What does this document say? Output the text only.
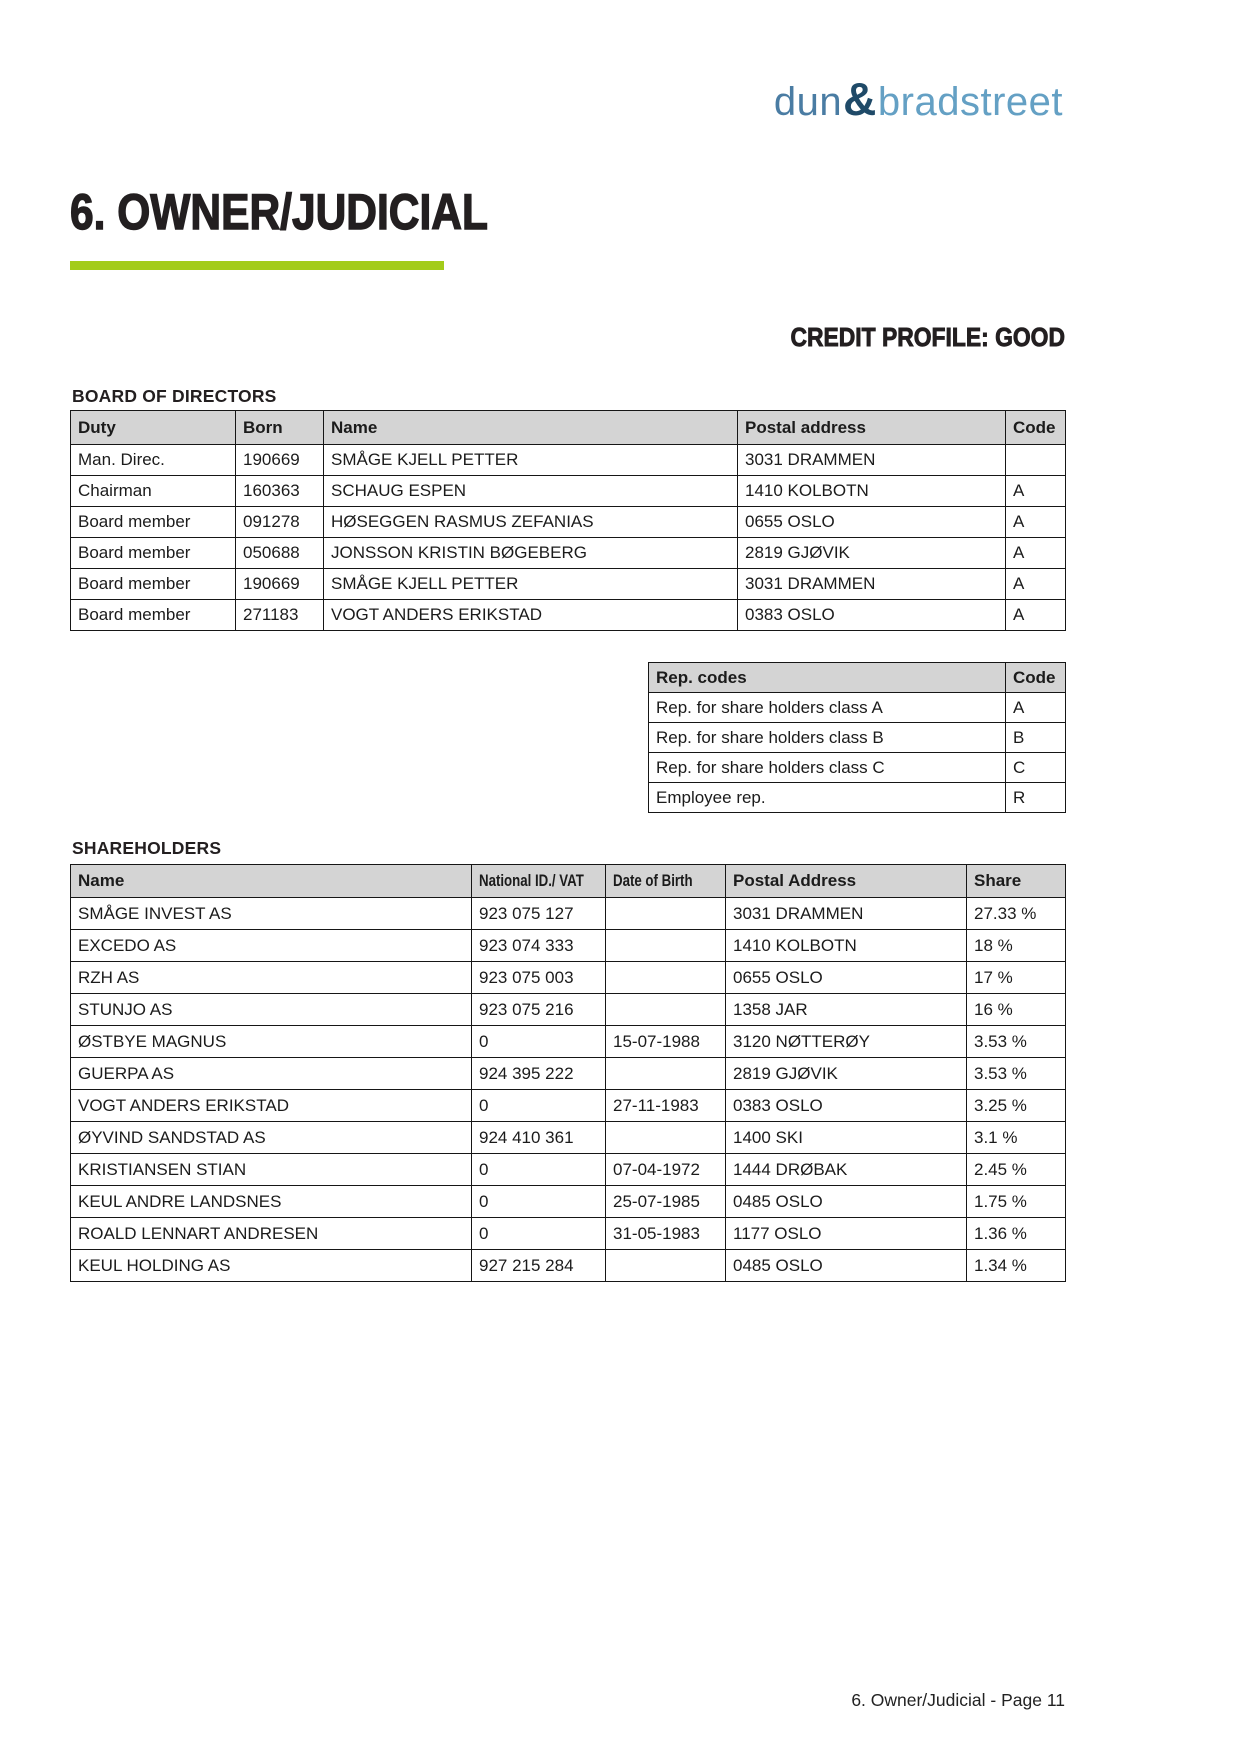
dun&bradstreet
6. OWNER/JUDICIAL
CREDIT PROFILE: GOOD
BOARD OF DIRECTORS
Duty	Born	Name	Postal address	Code
Man. Direc.	190669	SMÅGE KJELL PETTER	3031 DRAMMEN	
Chairman	160363	SCHAUG ESPEN	1410 KOLBOTN	A
Board member	091278	HØSEGGEN RASMUS ZEFANIAS	0655 OSLO	A
Board member	050688	JONSSON KRISTIN BØGEBERG	2819 GJØVIK	A
Board member	190669	SMÅGE KJELL PETTER	3031 DRAMMEN	A
Board member	271183	VOGT ANDERS ERIKSTAD	0383 OSLO	A
Rep. codes	Code
Rep. for share holders class A	A
Rep. for share holders class B	B
Rep. for share holders class C	C
Employee rep.	R
SHAREHOLDERS
Name	National ID./ VAT	Date of Birth	Postal Address	Share
SMÅGE INVEST AS	923 075 127		3031 DRAMMEN	27.33 %
EXCEDO AS	923 074 333		1410 KOLBOTN	18 %
RZH AS	923 075 003		0655 OSLO	17 %
STUNJO AS	923 075 216		1358 JAR	16 %
ØSTBYE MAGNUS	0	15-07-1988	3120 NØTTERØY	3.53 %
GUERPA AS	924 395 222		2819 GJØVIK	3.53 %
VOGT ANDERS ERIKSTAD	0	27-11-1983	0383 OSLO	3.25 %
ØYVIND SANDSTAD AS	924 410 361		1400 SKI	3.1 %
KRISTIANSEN STIAN	0	07-04-1972	1444 DRØBAK	2.45 %
KEUL ANDRE LANDSNES	0	25-07-1985	0485 OSLO	1.75 %
ROALD LENNART ANDRESEN	0	31-05-1983	1177 OSLO	1.36 %
KEUL HOLDING AS	927 215 284		0485 OSLO	1.34 %
6. Owner/Judicial - Page 11
